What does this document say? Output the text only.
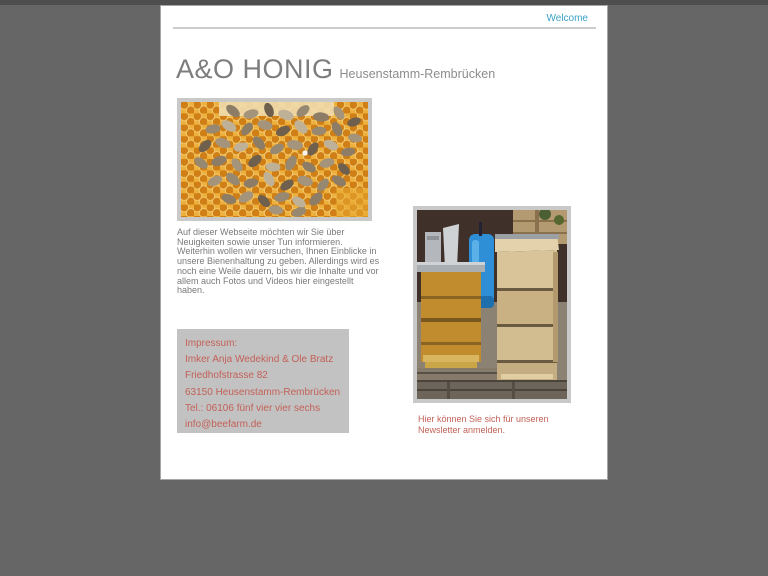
Welcome
A&O HONIG Heusenstamm-Rembrücken

Auf dieser Webseite möchten wir Sie über Neuigkeiten sowie unser Tun informieren. Weiterhin wollen wir versuchen, Ihnen Einblicke in unsere Bienenhaltung zu geben. Allerdings wird es noch eine Weile dauern, bis wir die Inhalte und vor allem auch Fotos und Videos hier eingestellt haben.

Impressum:
Imker Anja Wedekind & Ole Bratz
Friedhofstrasse 82
63150 Heusenstamm-Rembrücken
Tel.: 06106 fünf vier vier sechs
info@beefarm.de
Hier können Sie sich für unseren Newsletter anmelden.
